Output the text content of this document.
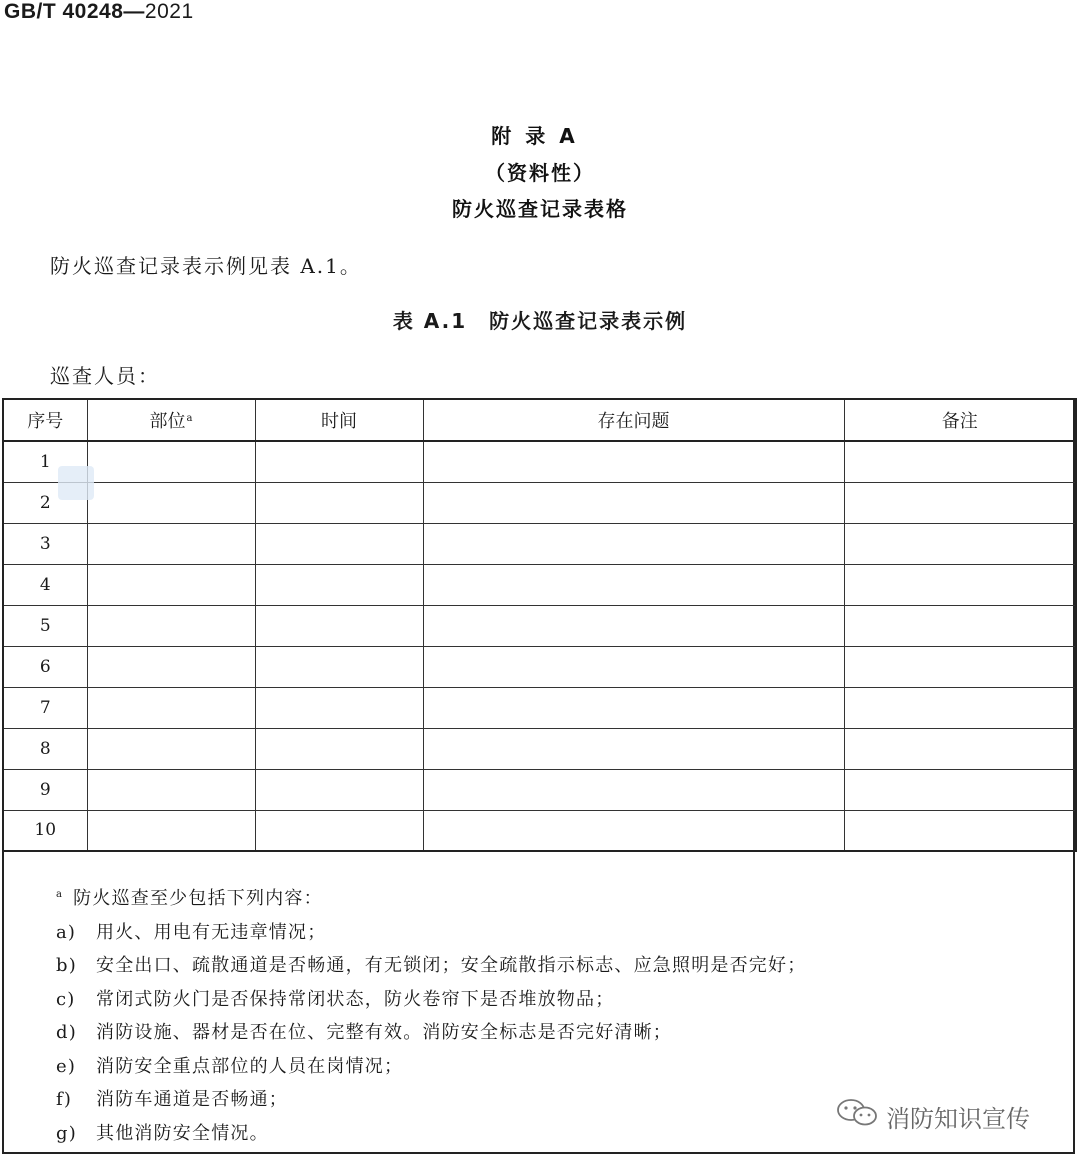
GB/T 40248—2021
附录A
（资料性）
防火巡查记录表格
防火巡查记录表示例见表 A.1。
表 A.1 防火巡查记录表示例
巡查人员：
序号	部位$^a$	时间	存在问题	备注
1				
2				
3				
4				
5				
6				
7				
8				
9				
10				
$^a$ 防火巡查至少包括下列内容：
a) 用火、用电有无违章情况；
b) 安全出口、疏散通道是否畅通，有无锁闭；安全疏散指示标志、应急照明是否完好；
c) 常闭式防火门是否保持常闭状态，防火卷帘下是否堆放物品；
d) 消防设施、器材是否在位、完整有效。消防安全标志是否完好清晰；
e) 消防安全重点部位的人员在岗情况；
f) 消防车通道是否畅通；
g) 其他消防安全情况。
消防知识宣传
